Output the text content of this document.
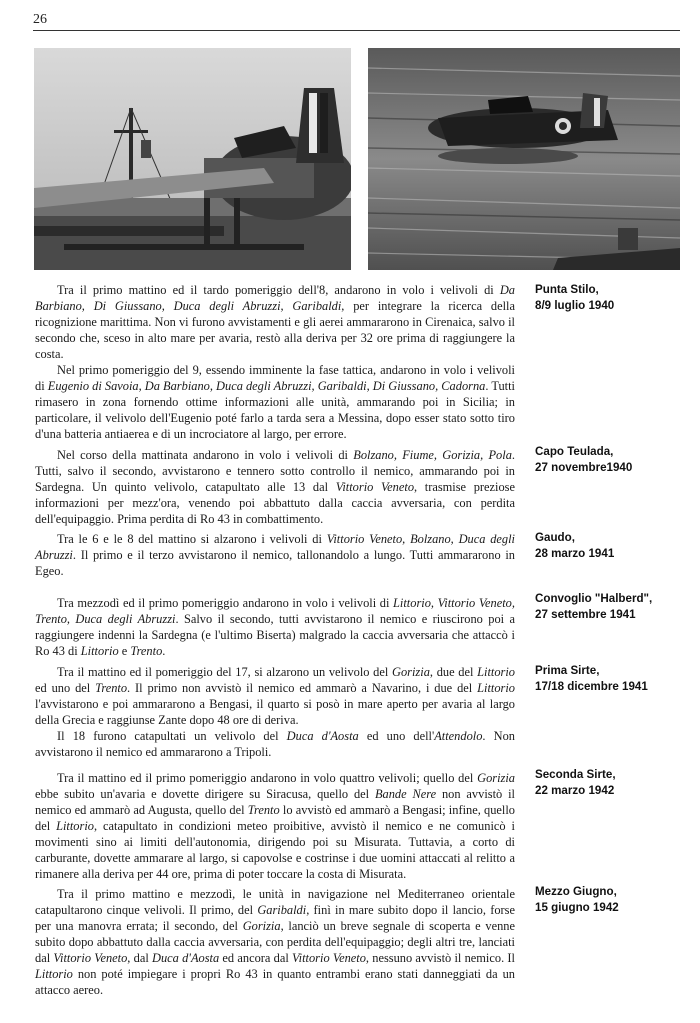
26

Tra il primo mattino ed il tardo pomeriggio dell'8, andarono in volo i velivoli di Da Barbiano, Di Giussano, Duca degli Abruzzi, Garibaldi, per integrare la ricerca della ricognizione marittima. Non vi furono avvistamenti e gli aerei ammararono in Cirenaica, salvo il secondo che, sceso in alto mare per avaria, restò alla deriva per 32 ore prima di raggiungere la costa.

Nel primo pomeriggio del 9, essendo imminente la fase tattica, andarono in volo i velivoli di Eugenio di Savoia, Da Barbiano, Duca degli Abruzzi, Garibaldi, Di Giussano, Cadorna. Tutti rimasero in zona fornendo ottime informazioni alle unità, ammarando poi in Sicilia; in particolare, il velivolo dell'Eugenio poté farlo a tarda sera a Messina, dopo esser stato sotto tiro d'una batteria antiaerea e di un incrociatore al largo, per errore.

Punta Stilo,
8/9 luglio 1940

Nel corso della mattinata andarono in volo i velivoli di Bolzano, Fiume, Gorizia, Pola. Tutti, salvo il secondo, avvistarono e tennero sotto controllo il nemico, ammarando poi in Sardegna. Un quinto velivolo, catapultato alle 13 dal Vittorio Veneto, trasmise preziose informazioni per mezz'ora, venendo poi abbattuto dalla caccia avversaria, con perdita dell'equipaggio. Prima perdita di Ro 43 in combattimento.

Capo Teulada,
27 novembre1940

Tra le 6 e le 8 del mattino si alzarono i velivoli di Vittorio Veneto, Bolzano, Duca degli Abruzzi. Il primo e il terzo avvistarono il nemico, tallonandolo a lungo. Tutti ammararono in Egeo.

Gaudo,
28 marzo 1941

Tra mezzodì ed il primo pomeriggio andarono in volo i velivoli di Littorio, Vittorio Veneto, Trento, Duca degli Abruzzi. Salvo il secondo, tutti avvistarono il nemico e riuscirono poi a raggiungere indenni la Sardegna (e l'ultimo Biserta) malgrado la caccia avversaria che attaccò i Ro 43 di Littorio e Trento.

Convoglio "Halberd",
27 settembre 1941

Tra il mattino ed il pomeriggio del 17, si alzarono un velivolo del Gorizia, due del Littorio ed uno del Trento. Il primo non avvistò il nemico ed ammarò a Navarino, i due del Littorio l'avvistarono e poi ammararono a Bengasi, il quarto si posò in mare aperto per avaria al largo della Grecia e raggiunse Zante dopo 48 ore di deriva.

Il 18 furono catapultati un velivolo del Duca d'Aosta ed uno dell'Attendolo. Non avvistarono il nemico ed ammararono a Tripoli.

Prima Sirte,
17/18 dicembre 1941

Tra il mattino ed il primo pomeriggio andarono in volo quattro velivoli; quello del Gorizia ebbe subito un'avaria e dovette dirigere su Siracusa, quello del Bande Nere non avvistò il nemico ed ammarò ad Augusta, quello del Trento lo avvistò ed ammarò a Bengasi; infine, quello del Littorio, catapultato in condizioni meteo proibitive, avvistò il nemico e ne comunicò i movimenti sino ai limiti dell'autonomia, dirigendo poi su Misurata. Tuttavia, a corto di carburante, dovette ammarare al largo, si capovolse e costrinse i due uomini attaccati al relitto a rimanere alla deriva per 44 ore, prima di poter toccare la costa di Misurata.

Seconda Sirte,
22 marzo 1942

Tra il primo mattino e mezzodì, le unità in navigazione nel Mediterraneo orientale catapultarono cinque velivoli. Il primo, del Garibaldi, finì in mare subito dopo il lancio, forse per una manovra errata; il secondo, del Gorizia, lanciò un breve segnale di scoperta e venne subito dopo abbattuto dalla caccia avversaria, con perdita dell'equipaggio; degli altri tre, lanciati dal Vittorio Veneto, dal Duca d'Aosta ed ancora dal Vittorio Veneto, nessuno avvistò il nemico. Il Littorio non poté impiegare i propri Ro 43 in quanto entrambi erano stati danneggiati da un attacco aereo.

Mezzo Giugno,
15 giugno 1942
